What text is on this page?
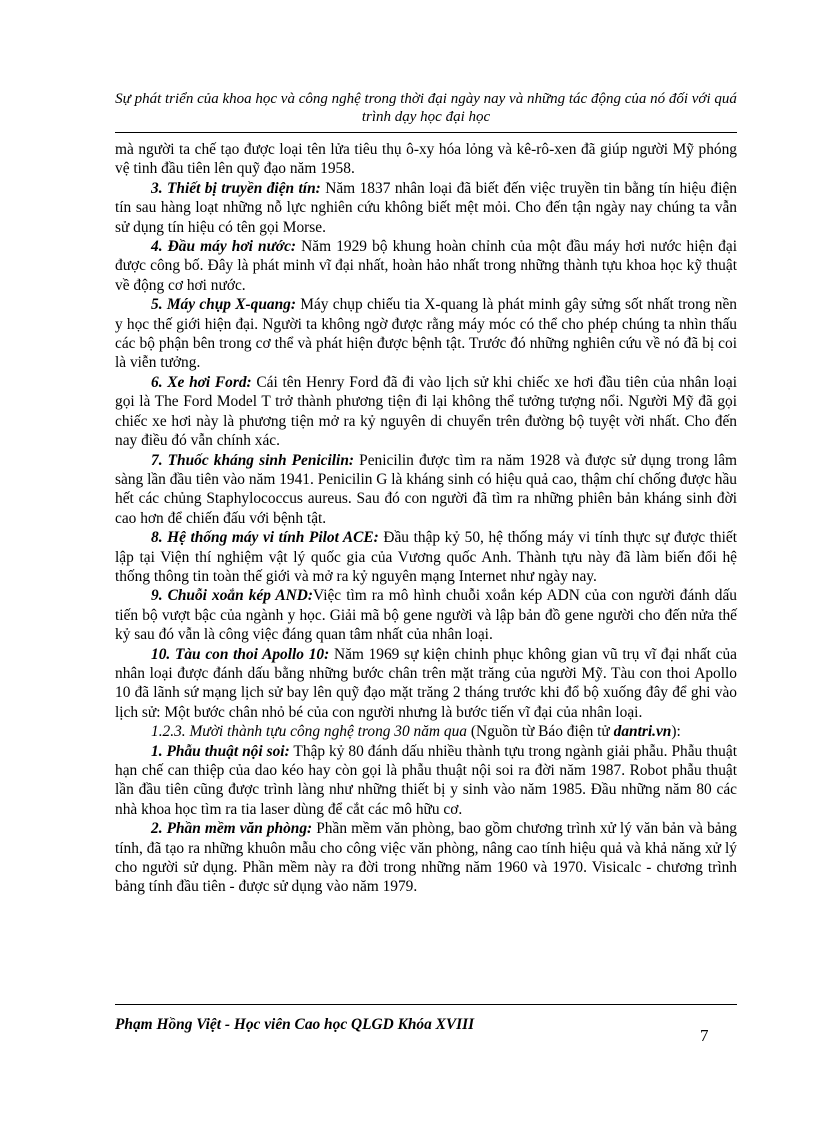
Sự phát triển của khoa học và công nghệ trong thời đại ngày nay và những tác động của nó đối với quá trình dạy học đại học

mà người ta chế tạo được loại tên lửa tiêu thụ ô-xy hóa lỏng và kê-rô-xen đã giúp người Mỹ phóng vệ tinh đầu tiên lên quỹ đạo năm 1958.

3. Thiết bị truyền điện tín: Năm 1837 nhân loại đã biết đến việc truyền tin bằng tín hiệu điện tín sau hàng loạt những nỗ lực nghiên cứu không biết mệt mỏi. Cho đến tận ngày nay chúng ta vẫn sử dụng tín hiệu có tên gọi Morse.

4. Đầu máy hơi nước: Năm 1929 bộ khung hoàn chỉnh của một đầu máy hơi nước hiện đại được công bố. Đây là phát minh vĩ đại nhất, hoàn hảo nhất trong những thành tựu khoa học kỹ thuật về động cơ hơi nước.

5. Máy chụp X-quang: Máy chụp chiếu tia X-quang là phát minh gây sửng sốt nhất trong nền y học thế giới hiện đại. Người ta không ngờ được rằng máy móc có thể cho phép chúng ta nhìn thấu các bộ phận bên trong cơ thể và phát hiện được bệnh tật. Trước đó những nghiên cứu về nó đã bị coi là viễn tưởng.

6. Xe hơi Ford: Cái tên Henry Ford đã đi vào lịch sử khi chiếc xe hơi đầu tiên của nhân loại gọi là The Ford Model T trở thành phương tiện đi lại không thể tưởng tượng nổi. Người Mỹ đã gọi chiếc xe hơi này là phương tiện mở ra kỷ nguyên di chuyển trên đường bộ tuyệt vời nhất. Cho đến nay điều đó vẫn chính xác.

7. Thuốc kháng sinh Penicilin: Penicilin được tìm ra năm 1928 và được sử dụng trong lâm sàng lần đầu tiên vào năm 1941. Penicilin G là kháng sinh có hiệu quả cao, thậm chí chống được hầu hết các chủng Staphylococcus aureus. Sau đó con người đã tìm ra những phiên bản kháng sinh đời cao hơn để chiến đấu với bệnh tật.

8. Hệ thống máy vi tính Pilot ACE: Đầu thập kỷ 50, hệ thống máy vi tính thực sự được thiết lập tại Viện thí nghiệm vật lý quốc gia của Vương quốc Anh. Thành tựu này đã làm biến đổi hệ thống thông tin toàn thế giới và mở ra kỷ nguyên mạng Internet như ngày nay.

9. Chuỗi xoắn kép AND:Việc tìm ra mô hình chuỗi xoắn kép ADN của con người đánh dấu tiến bộ vượt bậc của ngành y học. Giải mã bộ gene người và lập bản đồ gene người cho đến nửa thế kỷ sau đó vẫn là công việc đáng quan tâm nhất của nhân loại.

10. Tàu con thoi Apollo 10: Năm 1969 sự kiện chinh phục không gian vũ trụ vĩ đại nhất của nhân loại được đánh dấu bằng những bước chân trên mặt trăng của người Mỹ. Tàu con thoi Apollo 10 đã lãnh sứ mạng lịch sử bay lên quỹ đạo mặt trăng 2 tháng trước khi đổ bộ xuống đây để ghi vào lịch sử: Một bước chân nhỏ bé của con người nhưng là bước tiến vĩ đại của nhân loại.

1.2.3. Mười thành tựu công nghệ trong 30 năm qua (Nguồn từ Báo điện tử dantri.vn):

1. Phẫu thuật nội soi: Thập kỷ 80 đánh dấu nhiều thành tựu trong ngành giải phẫu. Phẫu thuật hạn chế can thiệp của dao kéo hay còn gọi là phẫu thuật nội soi ra đời năm 1987. Robot phẫu thuật lần đầu tiên cũng được trình làng như những thiết bị y sinh vào năm 1985. Đầu những năm 80 các nhà khoa học tìm ra tia laser dùng để cắt các mô hữu cơ.

2. Phần mềm văn phòng: Phần mềm văn phòng, bao gồm chương trình xử lý văn bản và bảng tính, đã tạo ra những khuôn mẫu cho công việc văn phòng, nâng cao tính hiệu quả và khả năng xử lý cho người sử dụng. Phần mềm này ra đời trong những năm 1960 và 1970. Visicalc - chương trình bảng tính đầu tiên - được sử dụng vào năm 1979.

Phạm Hồng Việt - Học viên Cao học QLGD Khóa XVIII
7
